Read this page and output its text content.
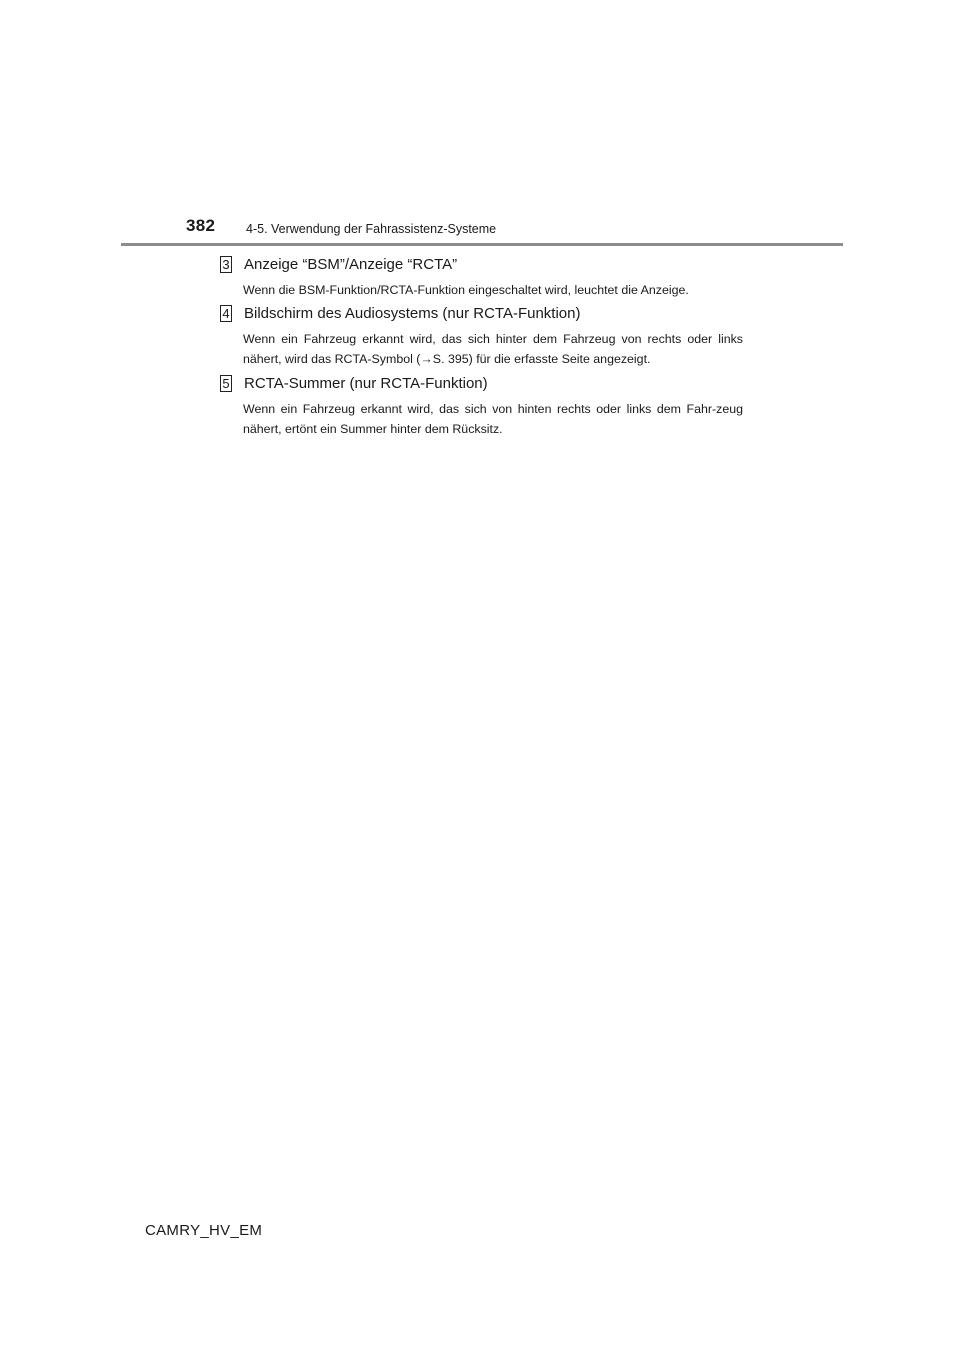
382 4-5. Verwendung der Fahrassistenz-Systeme
3 Anzeige “BSM”/Anzeige “RCTA”
Wenn die BSM-Funktion/RCTA-Funktion eingeschaltet wird, leuchtet die Anzeige.
4 Bildschirm des Audiosystems (nur RCTA-Funktion)
Wenn ein Fahrzeug erkannt wird, das sich hinter dem Fahrzeug von rechts oder links nähert, wird das RCTA-Symbol (→S. 395) für die erfasste Seite angezeigt.
5 RCTA-Summer (nur RCTA-Funktion)
Wenn ein Fahrzeug erkannt wird, das sich von hinten rechts oder links dem Fahr-zeug nähert, ertönt ein Summer hinter dem Rücksitz.
CAMRY_HV_EM
